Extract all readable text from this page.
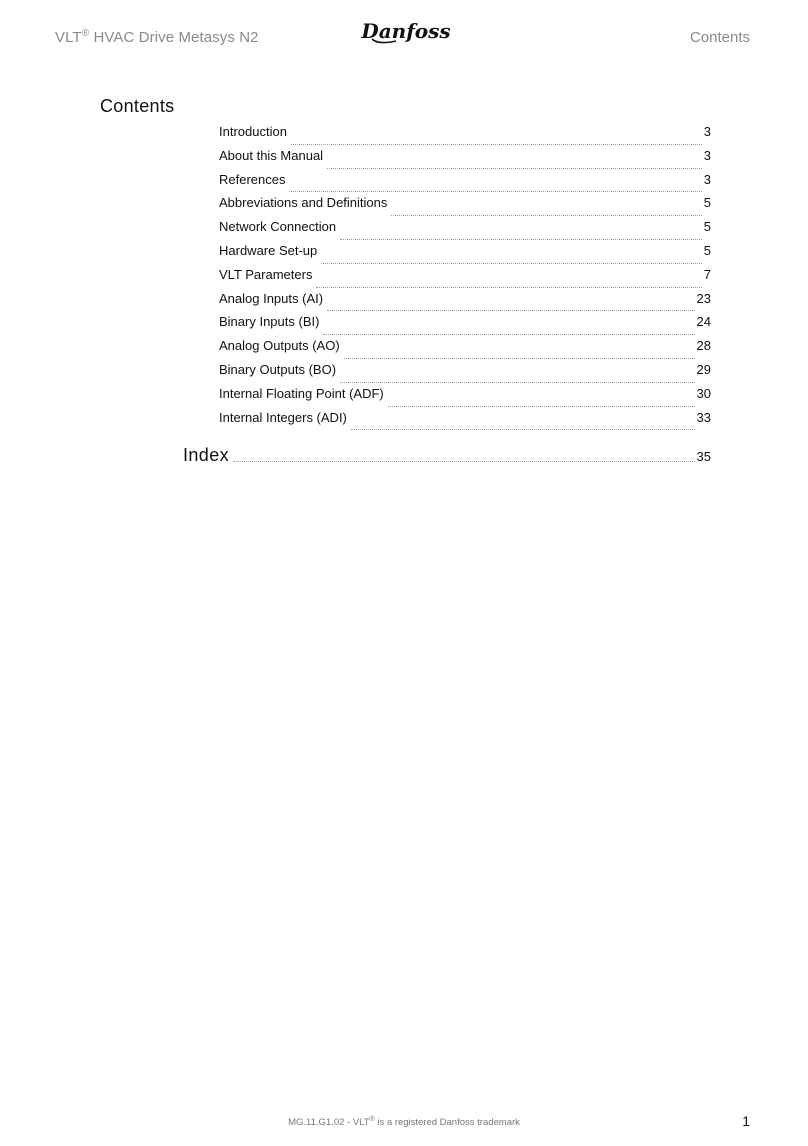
VLT® HVAC Drive Metasys N2	Danfoss	Contents
Contents
Introduction	3
About this Manual	3
References	3
Abbreviations and Definitions	5
Network Connection	5
Hardware Set-up	5
VLT Parameters	7
Analog Inputs (AI)	23
Binary Inputs (BI)	24
Analog Outputs (AO)	28
Binary Outputs (BO)	29
Internal Floating Point (ADF)	30
Internal Integers (ADI)	33
Index	35
MG.11.G1.02 - VLT® is a registered Danfoss trademark	1
